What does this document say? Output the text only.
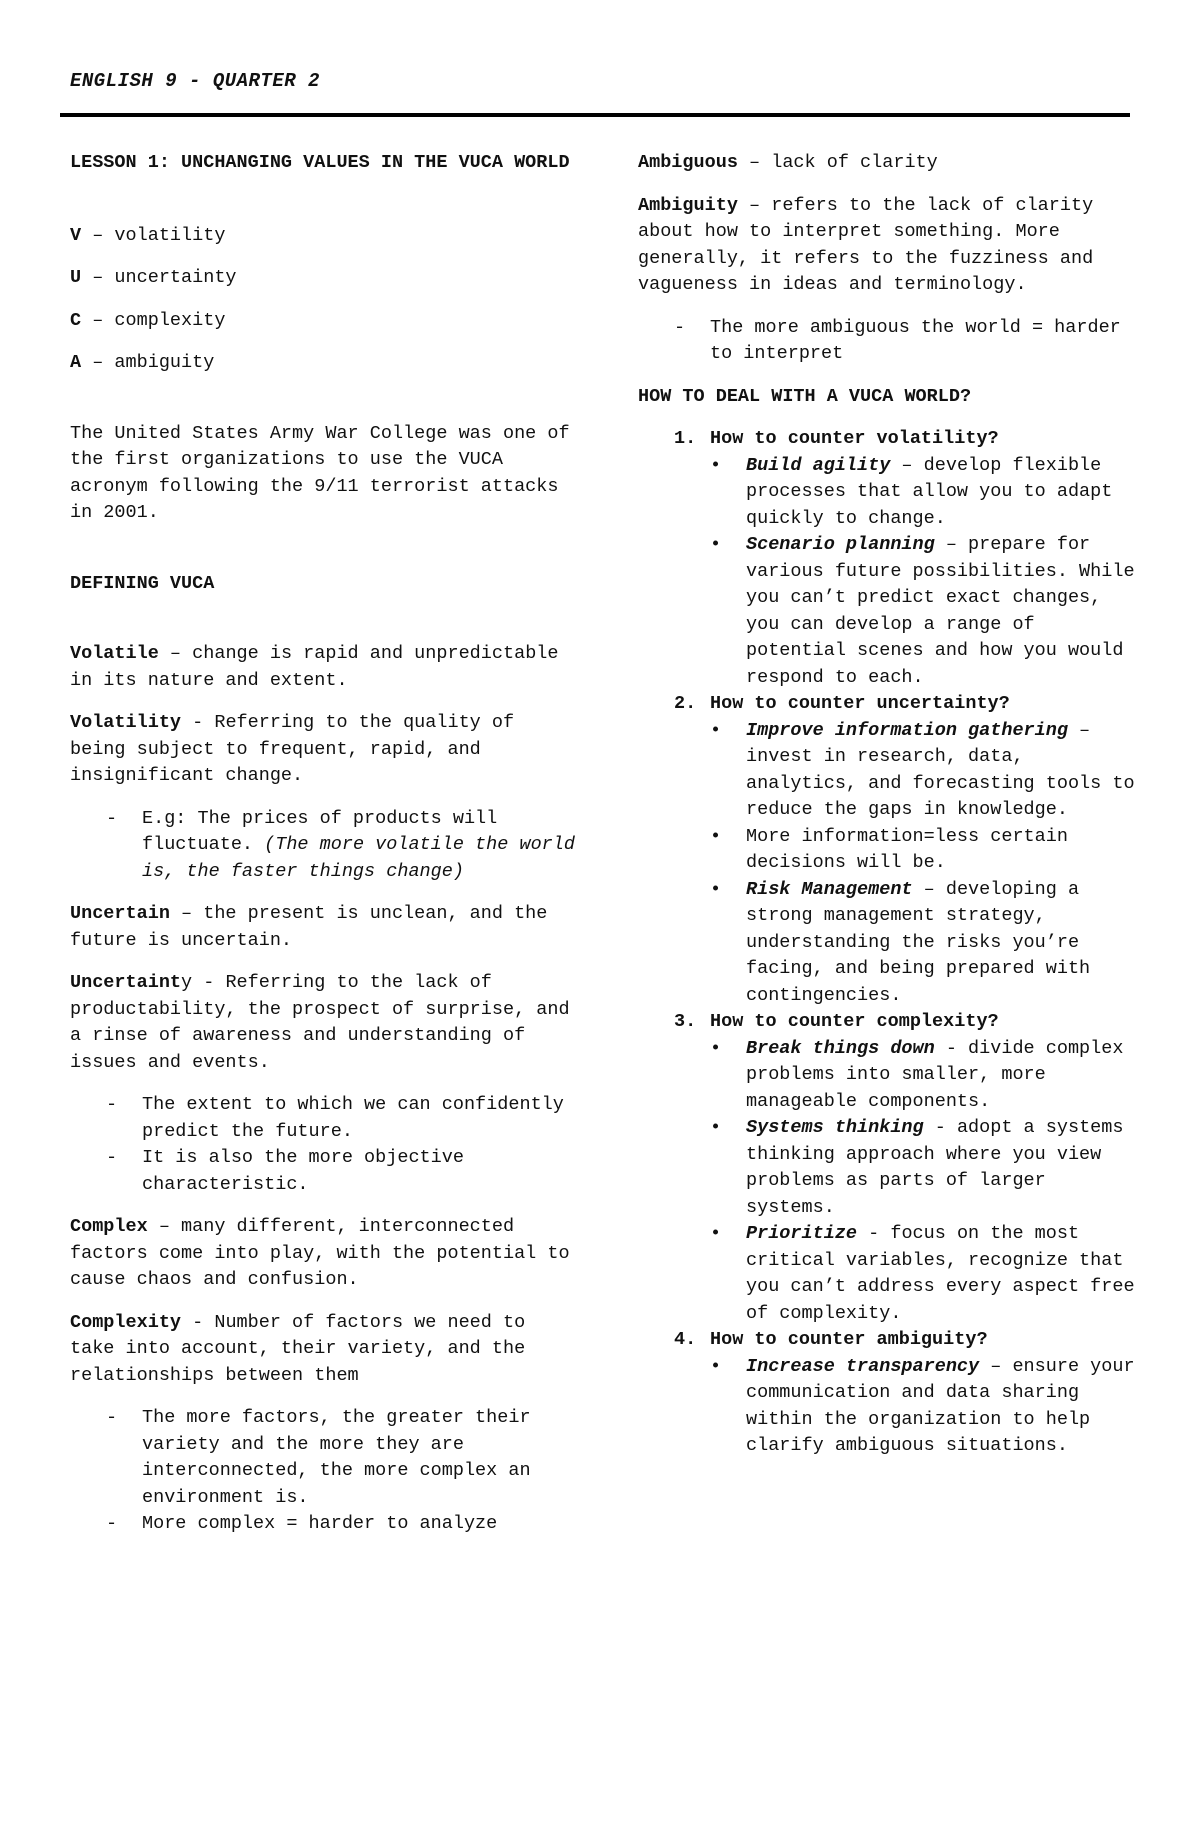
ENGLISH 9 - QUARTER 2

LESSON 1: UNCHANGING VALUES IN THE VUCA WORLD

V – volatility

U – uncertainty

C – complexity

A – ambiguity

The United States Army War College was one of the first organizations to use the VUCA acronym following the 9/11 terrorist attacks in 2001.

DEFINING VUCA

Volatile – change is rapid and unpredictable in its nature and extent.

Volatility - Referring to the quality of being subject to frequent, rapid, and insignificant change.

- E.g: The prices of products will fluctuate. (The more volatile the world is, the faster things change)

Uncertain – the present is unclean, and the future is uncertain.

Uncertainty - Referring to the lack of productability, the prospect of surprise, and a rinse of awareness and understanding of issues and events.

- The extent to which we can confidently predict the future.
- It is also the more objective characteristic.

Complex – many different, interconnected factors come into play, with the potential to cause chaos and confusion.

Complexity - Number of factors we need to take into account, their variety, and the relationships between them

- The more factors, the greater their variety and the more they are interconnected, the more complex an environment is.
- More complex = harder to analyze

Ambiguous – lack of clarity

Ambiguity – refers to the lack of clarity about how to interpret something. More generally, it refers to the fuzziness and vagueness in ideas and terminology.

- The more ambiguous the world = harder to interpret

HOW TO DEAL WITH A VUCA WORLD?

1. How to counter volatility?
• Build agility – develop flexible processes that allow you to adapt quickly to change.
• Scenario planning – prepare for various future possibilities. While you can’t predict exact changes, you can develop a range of potential scenes and how you would respond to each.
2. How to counter uncertainty?
• Improve information gathering – invest in research, data, analytics, and forecasting tools to reduce the gaps in knowledge.
• More information=less certain decisions will be.
• Risk Management – developing a strong management strategy, understanding the risks you’re facing, and being prepared with contingencies.
3. How to counter complexity?
• Break things down - divide complex problems into smaller, more manageable components.
• Systems thinking - adopt a systems thinking approach where you view problems as parts of larger systems.
• Prioritize - focus on the most critical variables, recognize that you can’t address every aspect free of complexity.
4. How to counter ambiguity?
• Increase transparency – ensure your communication and data sharing within the organization to help clarify ambiguous situations.
